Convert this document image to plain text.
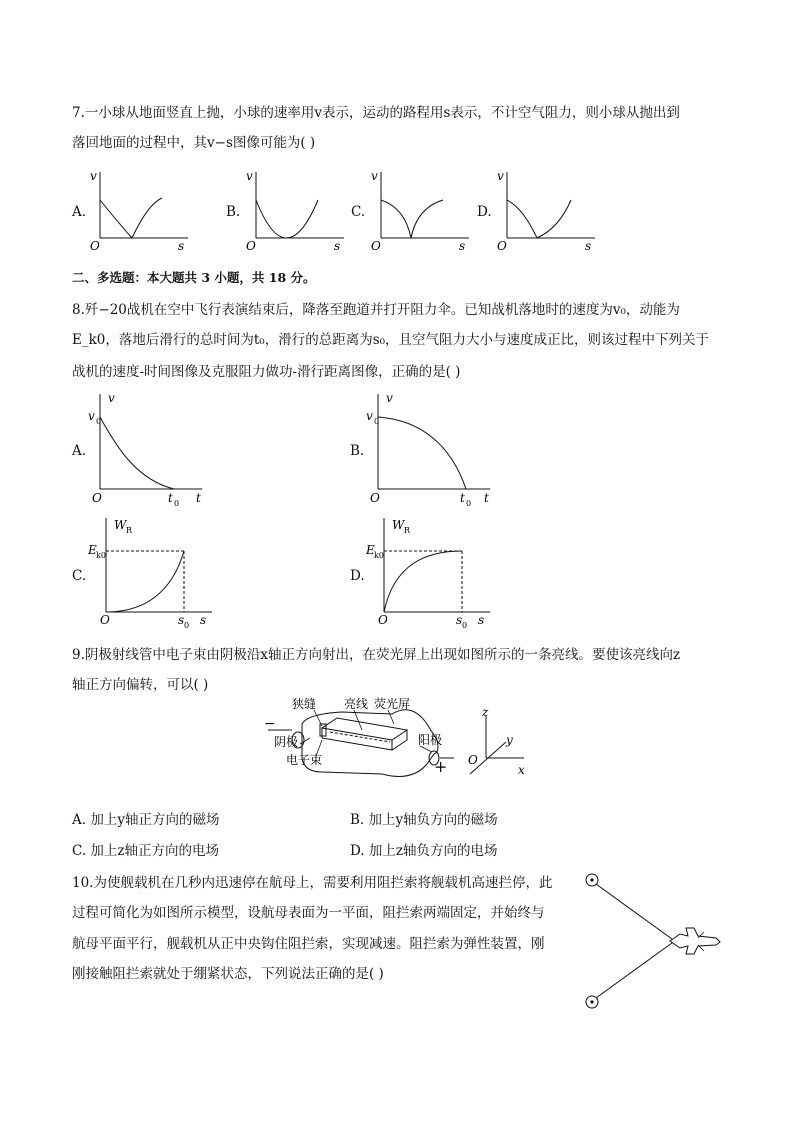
7.一小球从地面竖直上抛，小球的速率用v表示，运动的路程用s表示，不计空气阻力，则小球从抛出到
落回地面的过程中，其v−s图像可能为( )
A.	B.	C.	D.
v
O	s
v
O	s
v
O	s
v
O	s
二、多选题：本大题共 3 小题，共 18 分。
8.歼−20战机在空中飞行表演结束后，降落至跑道并打开阻力伞。已知战机落地时的速度为v₀，动能为
E_k0，落地后滑行的总时间为t₀，滑行的总距离为s₀，且空气阻力大小与速度成正比，则该过程中下列关于
战机的速度-时间图像及克服阻力做功-滑行距离图像，正确的是( )
A.	B.
C.	D.
v
v 0
O	t 0 t
v
v 0
O	t 0 t
W R
E k0
O	s 0 s
W R
E k0
O	s 0 s
9.阴极射线管中电子束由阴极沿x轴正方向射出，在荧光屏上出现如图所示的一条亮线。要使该亮线向z
轴正方向偏转，可以( )
狭缝 亮线 荧光屏
阴极	阳极
电子束
−
+ O
z
y
x
A. 加上y轴正方向的磁场	B. 加上y轴负方向的磁场
C. 加上z轴正方向的电场	D. 加上z轴负方向的电场
10.为使舰载机在几秒内迅速停在航母上，需要利用阻拦索将舰载机高速拦停，此
过程可简化为如图所示模型，设航母表面为一平面，阻拦索两端固定，并始终与
航母平面平行，舰载机从正中央钩住阻拦索，实现减速。阻拦索为弹性装置，刚
刚接触阻拦索就处于绷紧状态，下列说法正确的是( )
